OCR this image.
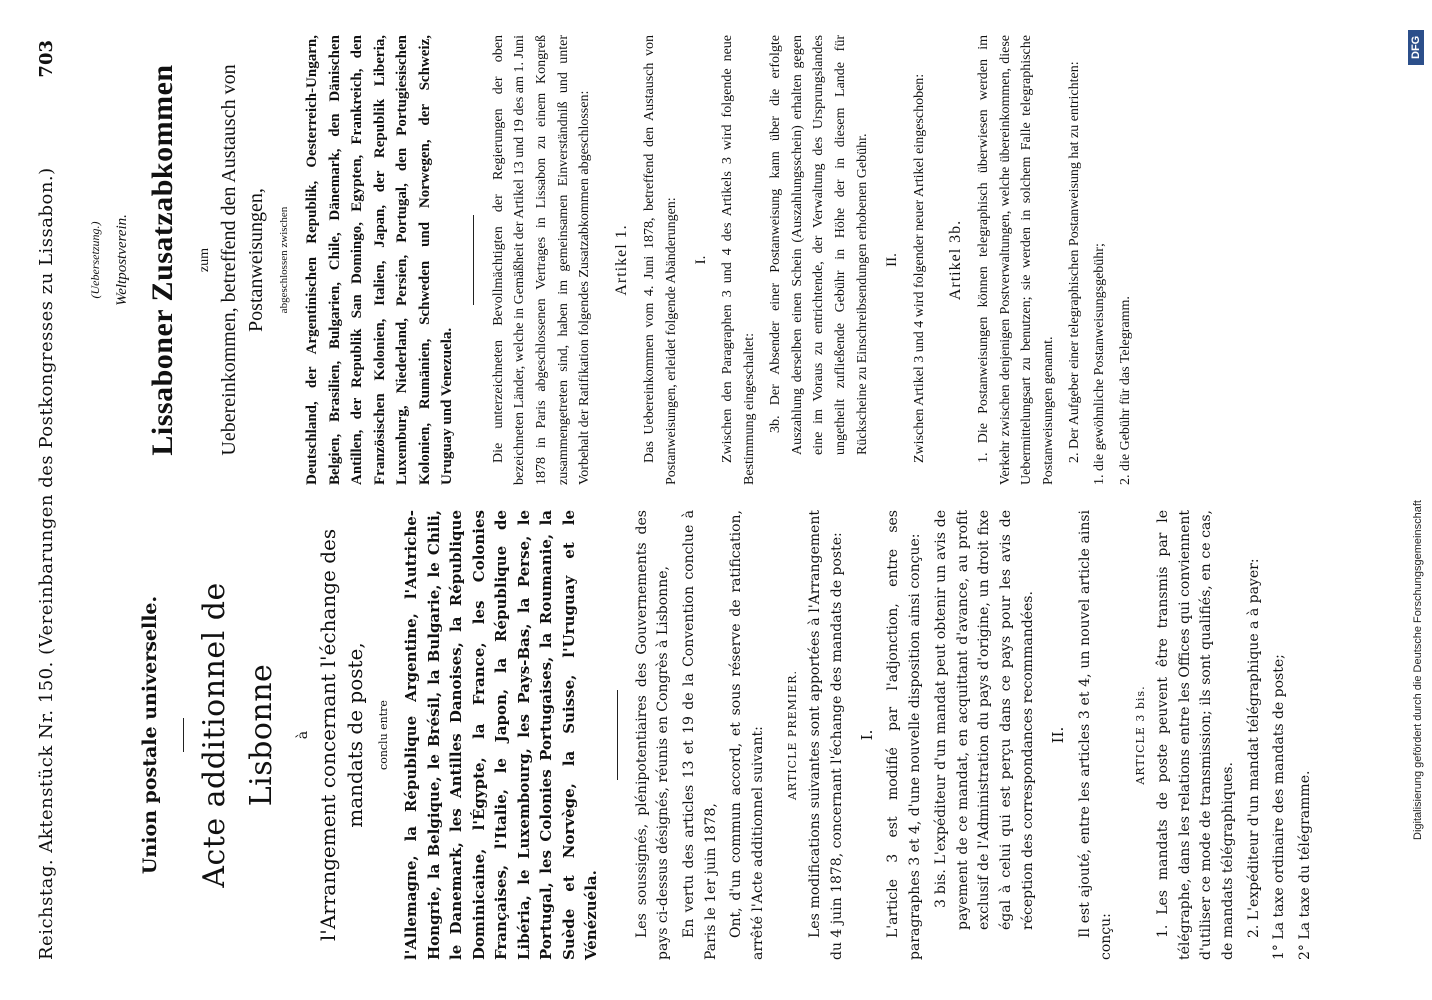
Reichstag. Aktenstück Nr. 150. (Vereinbarungen des Postkongresses zu Lissabon.)
703
Union postale universelle. Acte additionnel de Lisbonne	à l'Arrangement concernant l'échange des mandats de poste, conclu entre l'Allemagne, la République Argentine, l'Autriche-Hongrie, la Belgique, le Brésil, la Bulgarie, le Chili, le Danemark, les Antilles Danoises, la République Dominicaine, l'Égypte, la France, les Colonies Françaises, l'Italie, le Japon, la République de Libéria, le Luxembourg, les Pays-Bas, la Perse, le Portugal, les Colonies Portugaises, la Roumanie, la Suède et Norvège, la Suisse, l'Uruguay et le Vénézuéla. Les soussignés, plénipotentiaires des Gouvernements des pays ci-dessus désignés, réunis en Congrès à Lisbonne, En vertu des articles 13 et 19 de la Convention conclue à Paris le 1er juin 1878, Ont, d'un commun accord, et sous réserve de ratification, arrêté l'Acte additionnel suivant:	ARTICLE PREMIER. Les modifications suivantes sont apportées à l'Arrangement du 4 juin 1878, concernant l'échange des mandats de poste: I. L'article 3 est modifié par l'adjonction, entre ses paragraphes 3 et 4, d'une nouvelle disposition ainsi conçue: 3 bis. L'expéditeur d'un mandat peut obtenir un avis de payement de ce mandat, en acquittant d'avance, au profit exclusif de l'Administration du pays d'origine, un droit fixe égal à celui qui est perçu dans ce pays pour les avis de réception des correspondances recommandées. II. Il est ajouté, entre les articles 3 et 4, un nouvel article ainsi conçu:

ARTICLE 3 bis. 1. Les mandats de poste peuvent être transmis par le télégraphe, dans les relations entre les Offices qui conviennent d'utiliser ce mode de transmission; ils sont qualifiés, en ce cas, de mandats télégraphiques. 2. L'expéditeur d'un mandat télégraphique a à payer: 1° La taxe ordinaire des mandats de poste; 2° La taxe du télégramme.

(Uebersetzung.) Weltpostverein. Lissaboner Zusatzabkommen	zum Uebereinkommen, betreffend den Austausch von Postanweisungen, abgeschlossen zwischen Deutschland, der Argentinischen Republik, Oesterreich-Ungarn, Belgien, Brasilien, Bulgarien, Chile, Dänemark, den Dänischen Antillen, der Republik San Domingo, Egypten, Frankreich, den Französischen Kolonien, Italien, Japan, der Republik Liberia, Luxemburg, Niederland, Persien, Portugal, den Portugiesischen Kolonien, Rumänien, Schweden und Norwegen, der Schweiz, Uruguay und Venezuela.	Die unterzeichneten Bevollmächtigten der Regierungen der oben bezeichneten Länder, welche in Gemäßheit der Artikel 13 und 19 des am 1. Juni 1878 in Paris abgeschlossenen Vertrages in Lissabon zu einem Kongreß zusammengetreten sind, haben im gemeinsamen Einverständniß und unter Vorbehalt der Ratifikation folgendes Zusatzabkommen abgeschlossen: Artikel 1. Das Uebereinkommen vom 4. Juni 1878, betreffend den Austausch von Postanweisungen, erleidet folgende Abänderungen: I. Zwischen den Paragraphen 3 und 4 des Artikels 3 wird folgende neue Bestimmung eingeschaltet: 3b. Der Absender einer Postanweisung kann über die erfolgte Auszahlung derselben einen Schein (Auszahlungsschein) erhalten gegen eine im Voraus zu entrichtende, der Verwaltung des Ursprungslandes ungetheilt zufließende Gebühr in Höhe der in diesem Lande für Rückscheine zu Einschreibsendungen erhobenen Gebühr. II. Zwischen Artikel 3 und 4 wird folgender neuer Artikel eingeschoben: Artikel 3b. 1. Die Postanweisungen können telegraphisch überwiesen werden im Verkehr zwischen denjenigen Postverwaltungen, welche übereinkommen, diese Uebermittelungsart zu benutzen; sie werden in solchem Falle telegraphische Postanweisungen genannt. 2. Der Aufgeber einer telegraphischen Postanweisung hat zu entrichten: 1. die gewöhnliche Postanweisungsgebühr; 2. die Gebühr für das Telegramm.

Digitalisierung gefördert durch die Deutsche Forschungsgemeinschaft
DFG
